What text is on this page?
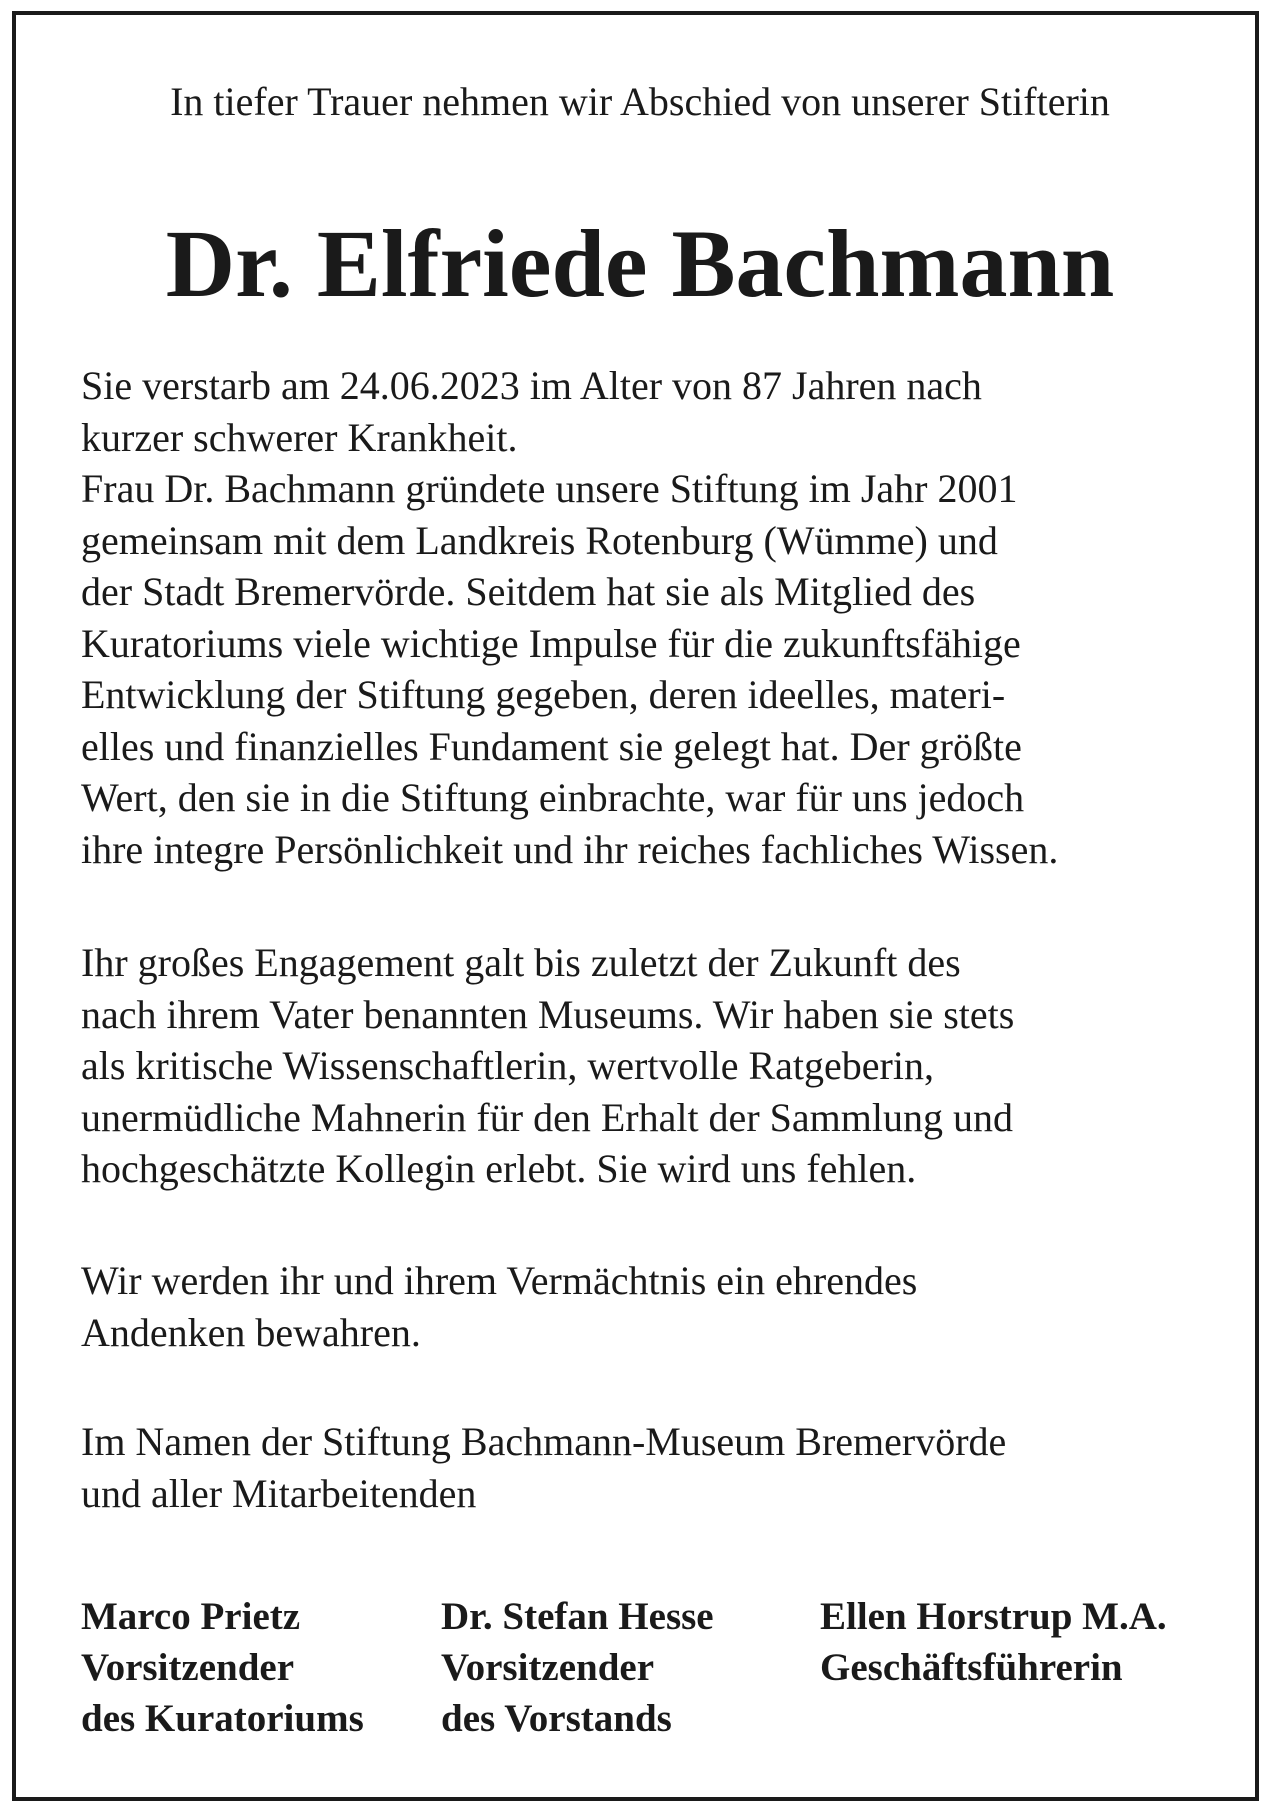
In tiefer Trauer nehmen wir Abschied von unserer Stifterin
Dr. Elfriede Bachmann
Sie verstarb am 24.06.2023 im Alter von 87 Jahren nach
kurzer schwerer Krankheit.
Frau Dr. Bachmann gründete unsere Stiftung im Jahr 2001
gemeinsam mit dem Landkreis Rotenburg (Wümme) und
der Stadt Bremervörde. Seitdem hat sie als Mitglied des
Kuratoriums viele wichtige Impulse für die zukunftsfähige
Entwicklung der Stiftung gegeben, deren ideelles, materi-
elles und finanzielles Fundament sie gelegt hat. Der größte
Wert, den sie in die Stiftung einbrachte, war für uns jedoch
ihre integre Persönlichkeit und ihr reiches fachliches Wissen.
Ihr großes Engagement galt bis zuletzt der Zukunft des
nach ihrem Vater benannten Museums. Wir haben sie stets
als kritische Wissenschaftlerin, wertvolle Ratgeberin,
unermüdliche Mahnerin für den Erhalt der Sammlung und
hochgeschätzte Kollegin erlebt. Sie wird uns fehlen.
Wir werden ihr und ihrem Vermächtnis ein ehrendes
Andenken bewahren.
Im Namen der Stiftung Bachmann-Museum Bremervörde
und aller Mitarbeitenden
Marco Prietz
Vorsitzender
des Kuratoriums
Dr. Stefan Hesse
Vorsitzender
des Vorstands
Ellen Horstrup M.A.
Geschäftsführerin
